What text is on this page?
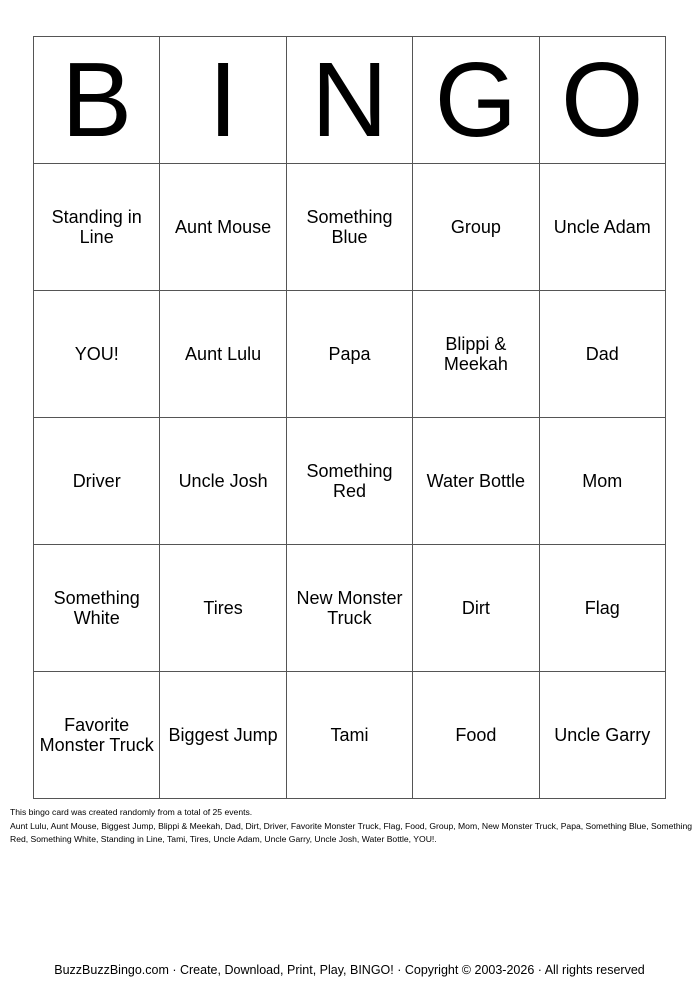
B	I	N	G	O
Standing in Line	Aunt Mouse	Something Blue	Group	Uncle Adam
YOU!	Aunt Lulu	Papa	Blippi & Meekah	Dad
Driver	Uncle Josh	Something Red	Water Bottle	Mom
Something White	Tires	New Monster Truck	Dirt	Flag
Favorite Monster Truck	Biggest Jump	Tami	Food	Uncle Garry
This bingo card was created randomly from a total of 25 events.
Aunt Lulu, Aunt Mouse, Biggest Jump, Blippi & Meekah, Dad, Dirt, Driver, Favorite Monster Truck, Flag, Food, Group, Mom, New Monster Truck, Papa, Something Blue, Something Red, Something White, Standing in Line, Tami, Tires, Uncle Adam, Uncle Garry, Uncle Josh, Water Bottle, YOU!.
BuzzBuzzBingo.com · Create, Download, Print, Play, BINGO! · Copyright © 2003-2026 · All rights reserved
